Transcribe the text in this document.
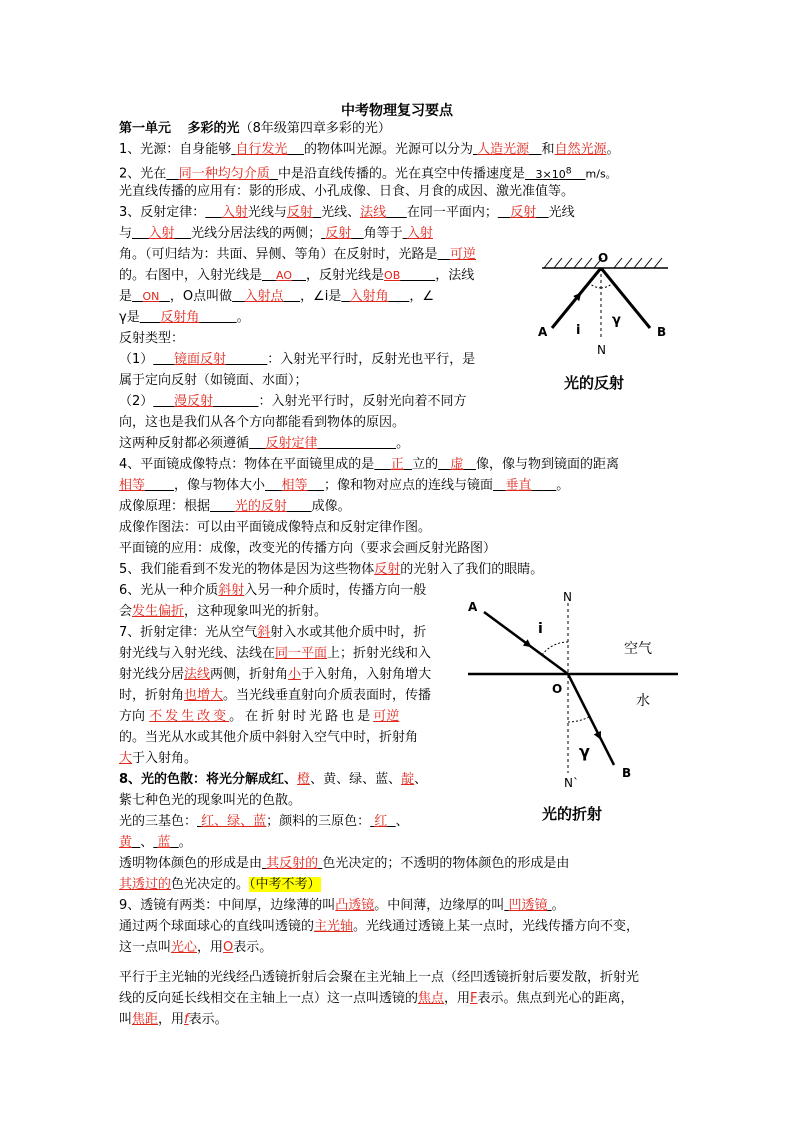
中考物理复习要点
第一单元 多彩的光（8年级第四章多彩的光）
1、光源：自身能够 自行发光 的物体叫光源。光源可以分为 人造光源 和自然光源。
2、光在 同一种均匀介质 中是沿直线传播的。光在真空中传播速度是 $3\times 10^8$ m/s。
光直线传播的应用有：影的形成、小孔成像、日食、月食的成因、激光准值等。
3、反射定律： 入射光线与反射 光线、法线 在同一平面内； 反射 光线
与 入射 光线分居法线的两侧； 反射 角等于 入射
角。（可归结为：共面、异侧、等角）在反射时，光路是 可逆
的。右图中，入射光线是 AO ，反射光线是OB	，法线
是 ON ，O点叫做 入射点 ，∠i是 入射角 ，∠
γ是 反射角	。
反射类型：
（1） 镜面反射	：入射光平行时，反射光也平行，是
属于定向反射（如镜面、水面）；
（2） 漫反射	：入射光平行时，反射光向着不同方
向，这也是我们从各个方向都能看到物体的原因。
这两种反射都必须遵循 反射定律	。
4、平面镜成像特点：物体在平面镜里成的是 正 立的 虚 像，像与物到镜面的距离
相等 ，像与物体大小 相等 ；像和物对应点的连线与镜面 垂直 。
成像原理：根据 光的反射 成像。
成像作图法：可以由平面镜成像特点和反射定律作图。
平面镜的应用：成像，改变光的传播方向（要求会画反射光路图）
5、我们能看到不发光的物体是因为这些物体反射的光射入了我们的眼睛。
6、光从一种介质斜射入另一种介质时，传播方向一般
会发生偏折，这种现象叫光的折射。
7、折射定律：光从空气斜射入水或其他介质中时，折
射光线与入射光线、法线在同一平面上；折射光线和入
射光线分居法线两侧，折射角小于入射角，入射角增大
时，折射角也增大。当光线垂直射向介质表面时，传播
方向 不发生改变。在折射时光路也是可逆
的。当光从水或其他介质中斜射入空气中时，折射角
大于入射角。
8、光的色散：将光分解成红、橙、黄、绿、蓝、靛、
紫七种色光的现象叫光的色散。
光的三基色： 红、绿、蓝；颜料的三原色： 红 、
黄 、 蓝 。
透明物体颜色的形成是由 其反射的 色光决定的；不透明的物体颜色的形成是由
其透过的色光决定的。（中考不考）
9、透镜有两类：中间厚，边缘薄的叫凸透镜。中间薄，边缘厚的叫 凹透镜 。
通过两个球面球心的直线叫透镜的主光轴。光线通过透镜上某一点时，光线传播方向不变，
这一点叫光心，用O表示。
平行于主光轴的光线经凸透镜折射后会聚在主光轴上一点（经凹透镜折射后要发散，折射光
线的反向延长线相交在主轴上一点）这一点叫透镜的焦点，用F表示。焦点到光心的距离，
叫焦距，用f表示。
O
A	B
N
i
γ
光的反射
N
N`
A
B
O
i
γ
空气
水
光的折射
